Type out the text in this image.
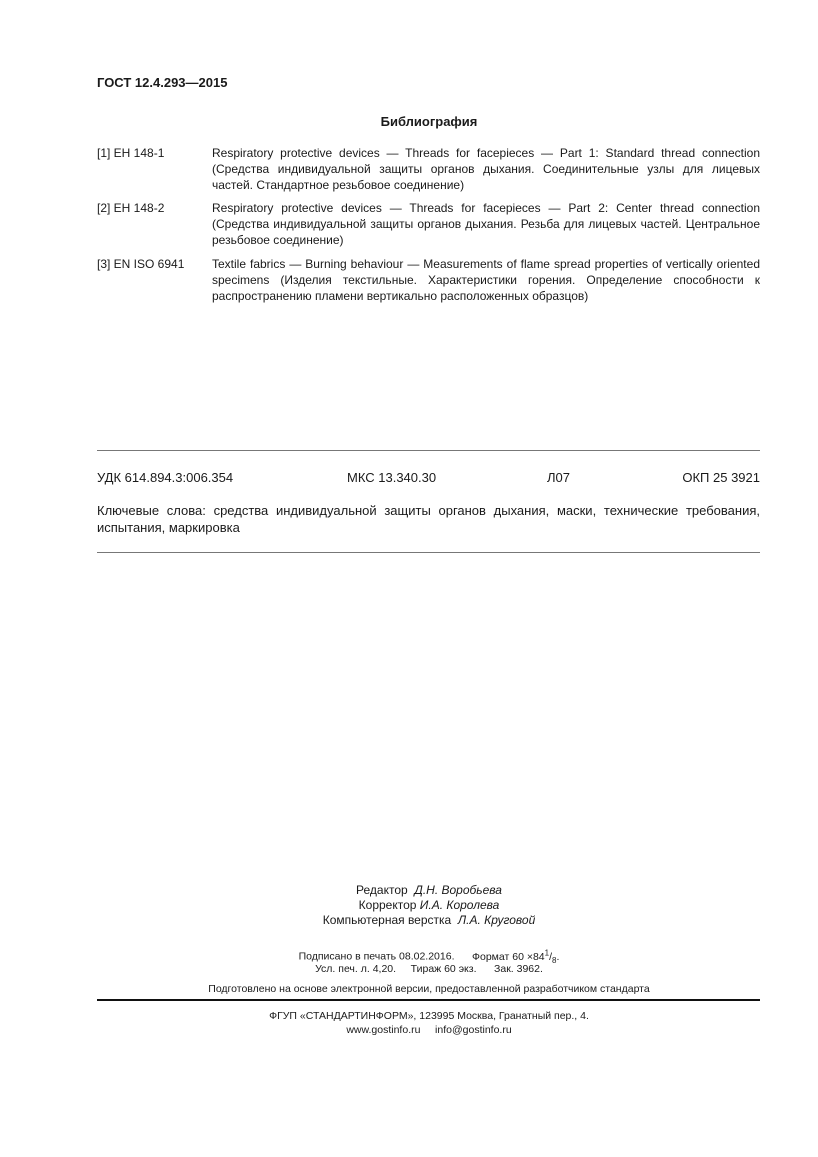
ГОСТ 12.4.293—2015
Библиография
[1] ЕН 148-1	Respiratory protective devices — Threads for facepieces — Part 1: Standard thread connection (Средства индивидуальной защиты органов дыхания. Соединительные узлы для лицевых частей. Стандартное резьбовое соединение)
[2] ЕН 148-2	Respiratory protective devices — Threads for facepieces — Part 2: Center thread connection (Средства индивидуальной защиты органов дыхания. Резьба для лицевых частей. Центральное резьбовое соединение)
[3] EN ISO 6941	Textile fabrics — Burning behaviour — Measurements of flame spread properties of vertically oriented specimens (Изделия текстильные. Характеристики горения. Определение способности к распространению пламени вертикально расположенных образцов)
УДК 614.894.3:006.354	МКС 13.340.30	Л07	ОКП 25 3921
Ключевые слова: средства индивидуальной защиты органов дыхания, маски, технические требования, испытания, маркировка
Редактор Д.Н. Воробьева
Корректор И.А. Королева
Компьютерная верстка Л.А. Круговой
Подписано в печать 08.02.2016. Формат $60 \times 84^1/_8$.
Усл. печ. л. 4,20. Тираж 60 экз. Зак. 3962.
Подготовлено на основе электронной версии, предоставленной разработчиком стандарта
ФГУП «СТАНДАРТИНФОРМ», 123995 Москва, Гранатный пер., 4.
www.gostinfo.ru info@gostinfo.ru
